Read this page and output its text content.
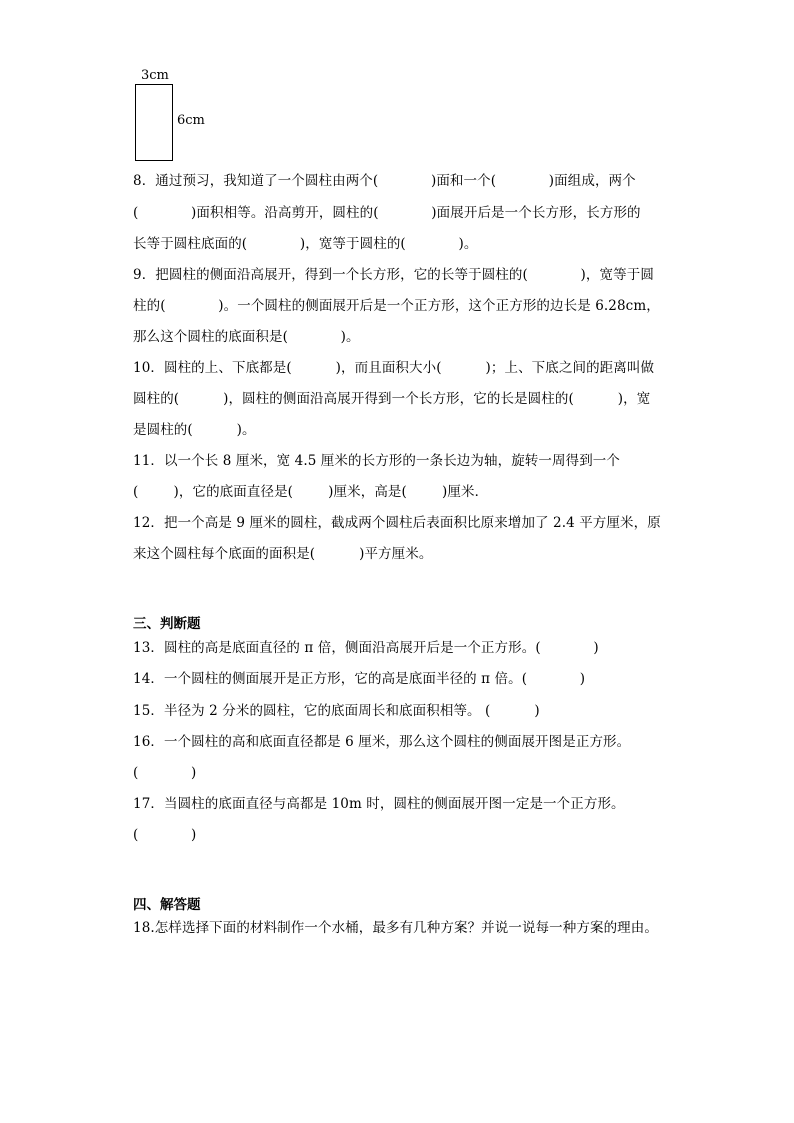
3cm
6cm
8．通过预习，我知道了一个圆柱由两个(            )面和一个(            )面组成，两个
(            )面积相等。沿高剪开，圆柱的(            )面展开后是一个长方形，长方形的
长等于圆柱底面的(            )，宽等于圆柱的(            )。
9．把圆柱的侧面沿高展开，得到一个长方形，它的长等于圆柱的(            )，宽等于圆
柱的(            )。一个圆柱的侧面展开后是一个正方形，这个正方形的边长是 6.28cm，
那么这个圆柱的底面积是(            )。
10．圆柱的上、下底都是(          )，而且面积大小(          )；上、下底之间的距离叫做
圆柱的(          )，圆柱的侧面沿高展开得到一个长方形，它的长是圆柱的(          )，宽
是圆柱的(          )。
11．以一个长 8 厘米，宽 4.5 厘米的长方形的一条长边为轴，旋转一周得到一个
(        )，它的底面直径是(        )厘米，高是(        )厘米．
12．把一个高是 9 厘米的圆柱，截成两个圆柱后表面积比原来增加了 2.4 平方厘米，原
来这个圆柱每个底面的面积是(          )平方厘米。
三、判断题
13．圆柱的高是底面直径的 π 倍，侧面沿高展开后是一个正方形。(            )
14．一个圆柱的侧面展开是正方形，它的高是底面半径的 π 倍。(            )
15．半径为 2 分米的圆柱，它的底面周长和底面积相等。 (          )
16．一个圆柱的高和底面直径都是 6 厘米，那么这个圆柱的侧面展开图是正方形。
(            )
17．当圆柱的底面直径与高都是 10m 时，圆柱的侧面展开图一定是一个正方形。
(            )
四、解答题
18.怎样选择下面的材料制作一个水桶，最多有几种方案？并说一说每一种方案的理由。
